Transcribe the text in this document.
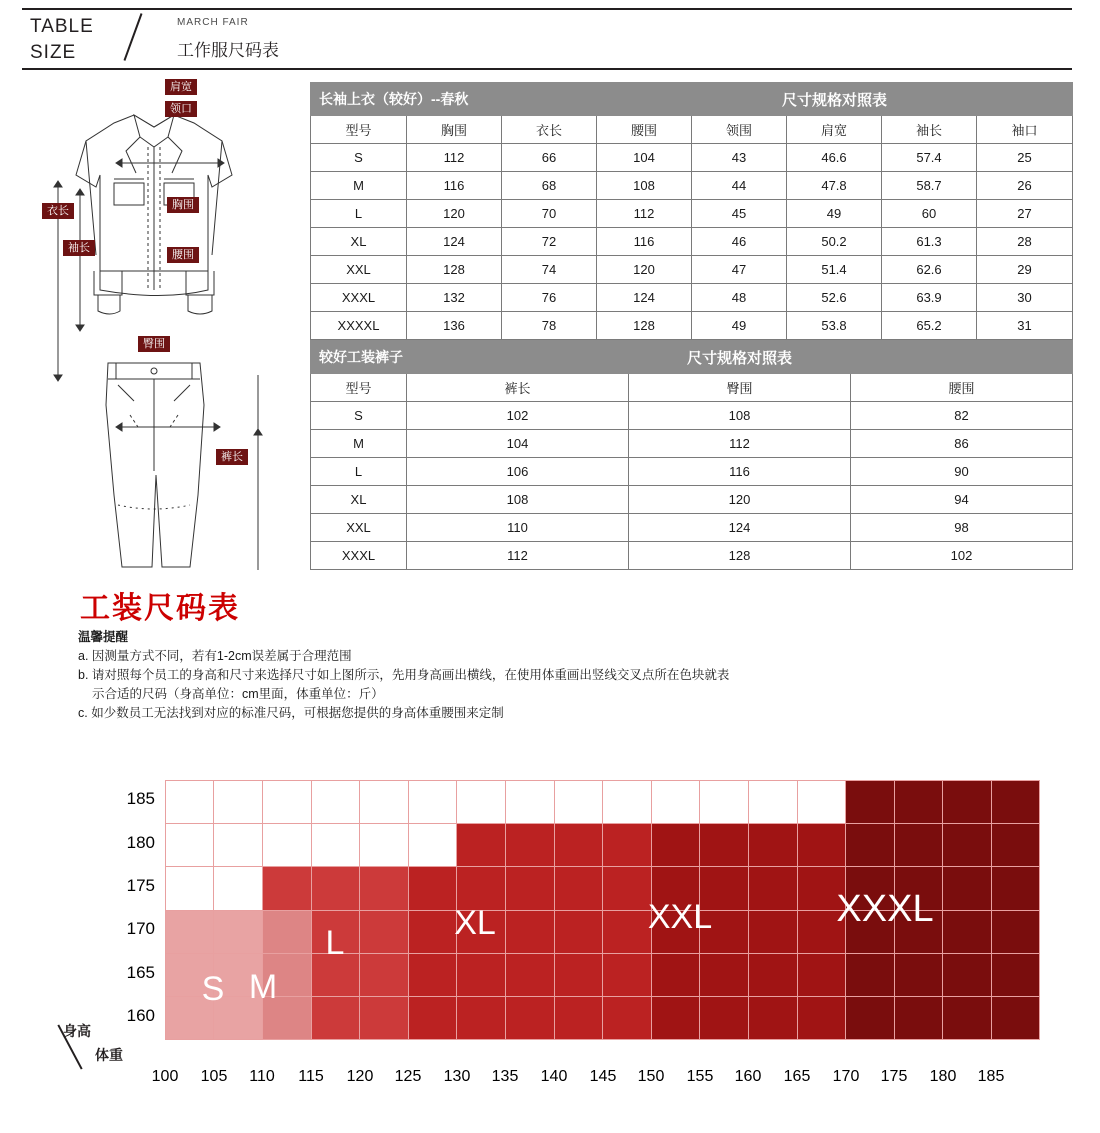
TABLE
SIZE
MARCH FAIR
工作服尺码表
肩宽
领口
胸围
衣长
袖长
腰围
臀围
裤长
长袖上衣（较好）--春秋			尺寸规格对照表				
型号	胸围	衣长	腰围	领围	肩宽	袖长	袖口
S	112	66	104	43	46.6	57.4	25
M	116	68	108	44	47.8	58.7	26
L	120	70	112	45	49	60	27
XL	124	72	116	46	50.2	61.3	28
XXL	128	74	120	47	51.4	62.6	29
XXXL	132	76	124	48	52.6	63.9	30
XXXXL	136	78	128	49	53.8	65.2	31
较好工装裤子	尺寸规格对照表		
型号	裤长	臀围	腰围
S	102	108	82
M	104	112	86
L	106	116	90
XL	108	120	94
XXL	110	124	98
XXXL	112	128	102
工装尺码表
温馨提醒
a. 因测量方式不同，若有1-2cm误差属于合理范围
b. 请对照每个员工的身高和尺寸来选择尺寸如上图所示，先用身高画出横线，在使用体重画出竖线交叉点所在色块就表
示合适的尺码（身高单位：cm里面，体重单位：斤）
c. 如少数员工无法找到对应的标准尺码，可根据您提供的身高体重腰围来定制
S M
L
XL	XXL	XXXL
185
180
175
170
165
160
100	105	110	115	120	125	130	135	140	145	150	155	160	165	170	175	180	185
身高
体重
